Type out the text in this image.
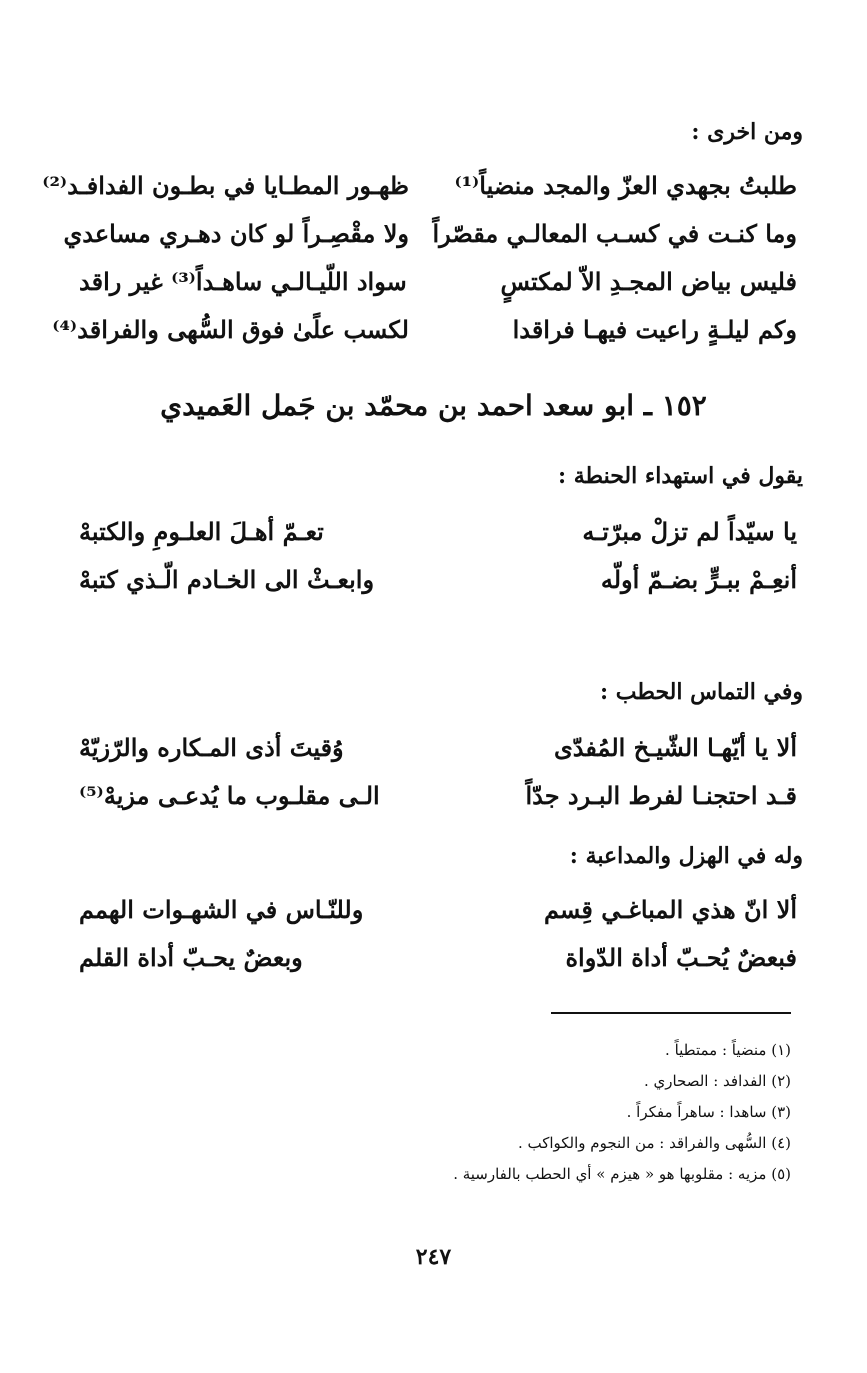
ومن اخرى :
طلبتُ بجهدي العزّ والمجد منضياً⁽¹⁾
ظهـور المطـايا في بطـون الفدافـد⁽²⁾
وما كنـت في كسـب المعالـي مقصّراً
ولا مقْصِـراً لو كان دهـري مساعدي
فليس بياض المجـدِ الاّ لمكتسٍ
سواد اللّيـالـي ساهـداً⁽³⁾ غير راقد
وكم ليلـةٍ راعيت فيهـا فراقدا
لكسب علًىٰ فوق السُّهى والفراقد⁽⁴⁾
يقول في استهداء الحنطة :
يا سيّداً لم تزلْ مبرّتـه
تعـمّ أهـلَ العلـومِ والكتبهْ
أنعِـمْ ببـرٍّ بضـمّ أولّه
وابعـثْ الى الخـادم الّـذي كتبهْ
وفي التماس الحطب :
ألا يا أيّهـا الشّيـخ المُفدّى
وُقيتَ أذى المـكاره والرّزيّهْ
قـد احتجنـا لفرط البـرد جدّاً
الـى مقلـوب ما يُدعـى مزيهْ⁽⁵⁾
وله في الهزل والمداعبة :
ألا انّ هذي المباغـي قِسم
وللنّـاس في الشهـوات الهمم
فبعضٌ يُحـبّ أداة الدّواة
وبعضٌ يحـبّ أداة القلم
١٥٢ ـ ابو سعد احمد بن محمّد بن جَمل العَميدي
(١) منضياً : ممتطياً .
(٢) الفدافد : الصحاري .
(٣) ساهدا : ساهراً مفكراً .
(٤) السُّهى والفراقد : من النجوم والكواكب .
(٥) مزيه : مقلوبها هو « هيزم » أي الحطب بالفارسية .
٢٤٧
